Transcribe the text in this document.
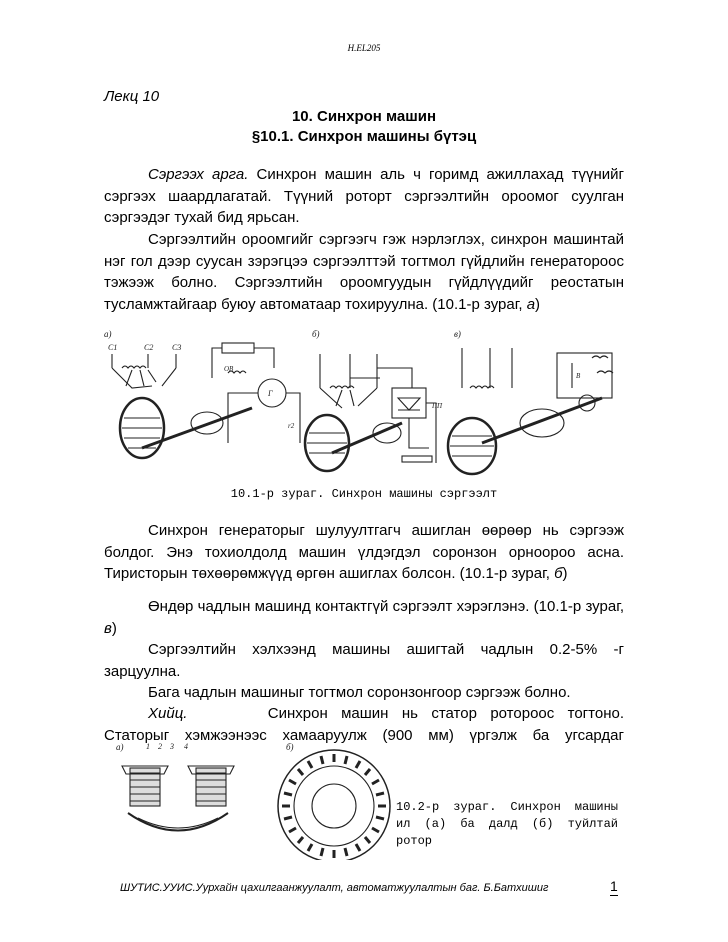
H.EL205
Лекц 10
10. Синхрон машин
§10.1. Синхрон машины бүтэц
Сэргээх арга. Синхрон машин аль ч горимд ажиллахад түүнийг сэргээх шаардлагатай. Түүний роторт сэргээлтийн ороомог суулган сэргээдэг тухай бид ярьсан.
Сэргээлтийн ороомгийг сэргээгч гэж нэрлэглэх, синхрон машинтай нэг гол дээр суусан зэрэгцээ сэргээлттэй тогтмол гүйдлийн генератороос тэжээж болно. Сэргээлтийн ороомгуудын гүйдлүүдийг реостатын тусламжтайгаар буюу автоматаар тохируулна. (10.1-р зураг, а)
а)
C1	C2 C3
ОВ
Г
r2
б)
ПП
в)
В
10.1-р зураг. Синхрон машины сэргээлт
Синхрон генераторыг шулуултгагч ашиглан өөрөөр нь сэргээж болдог. Энэ тохиолдолд машин үлдэгдэл соронзон орноороо асна. Тиристорын төхөөрөмжүүд өргөн ашиглах болсон. (10.1-р зураг, б)
Өндөр чадлын машинд контактгүй сэргээлт хэрэглэнэ. (10.1-р зураг, в)
Сэргээлтийн хэлхээнд машины ашигтай чадлын 0.2-5% -г зарцуулна.
Бага чадлын машиныг тогтмол соронзонгоор сэргээж болно.
Хийц.	Синхрон машин нь статор ротороос тогтоно.
Статорыг хэмжээнээс хамааруулж (900 мм) үргэлж ба угсардаг
а)	1 2 3 4	б)
10.2-р зураг. Синхрон машины ил (а) ба далд (б) туйлтай ротор
ШУТИС.УУИС.Уурхайн цахилгаанжуулалт, автоматжуулалтын баг. Б.Батхишиг	1
